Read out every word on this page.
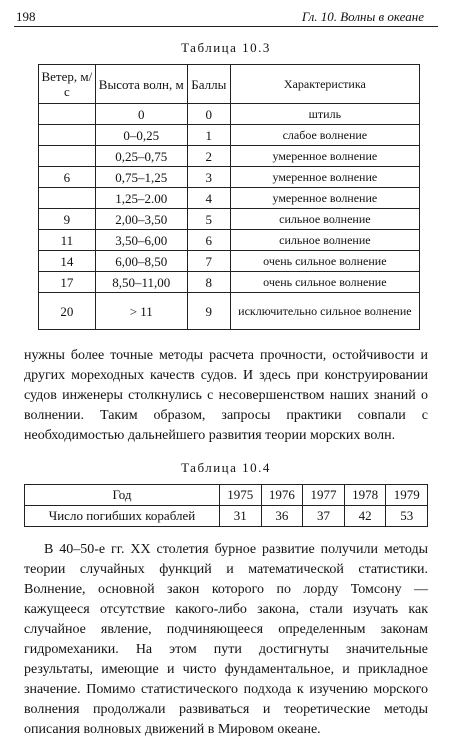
198	Гл. 10. Волны в океане
Таблица 10.3
Ветер, м/с	Высота волн, м	Баллы	Характеристика
	0	0	штиль
	0–0,25	1	слабое волнение
	0,25–0,75	2	умеренное волнение
6	0,75–1,25	3	умеренное волнение
	1,25–2.00	4	умеренное волнение
9	2,00–3,50	5	сильное волнение
11	3,50–6,00	6	сильное волнение
14	6,00–8,50	7	очень сильное волнение
17	8,50–11,00	8	очень сильное волнение
20	> 11	9	исключительно сильное волнение

нужны более точные методы расчета прочности, остойчивости и других мореходных качеств судов. И здесь при конструировании судов инженеры столкнулись с несовершенством наших знаний о волнении. Таким образом, запросы практики совпали с необходимостью дальнейшего развития теории морских волн.

Таблица 10.4
Год	1975	1976	1977	1978	1979
Число погибших кораблей	31	36	37	42	53

В 40–50-е гг. XX столетия бурное развитие получили методы теории случайных функций и математической статистики. Волнение, основной закон которого по лорду Томсону — кажущееся отсутствие какого-либо закона, стали изучать как случайное явление, подчиняющееся определенным законам гидромеханики. На этом пути достигнуты значительные результаты, имеющие и чисто фундаментальное, и прикладное значение. Помимо статистического подхода к изучению морского волнения продолжали развиваться и теоретические методы описания волновых движений в Мировом океане.
